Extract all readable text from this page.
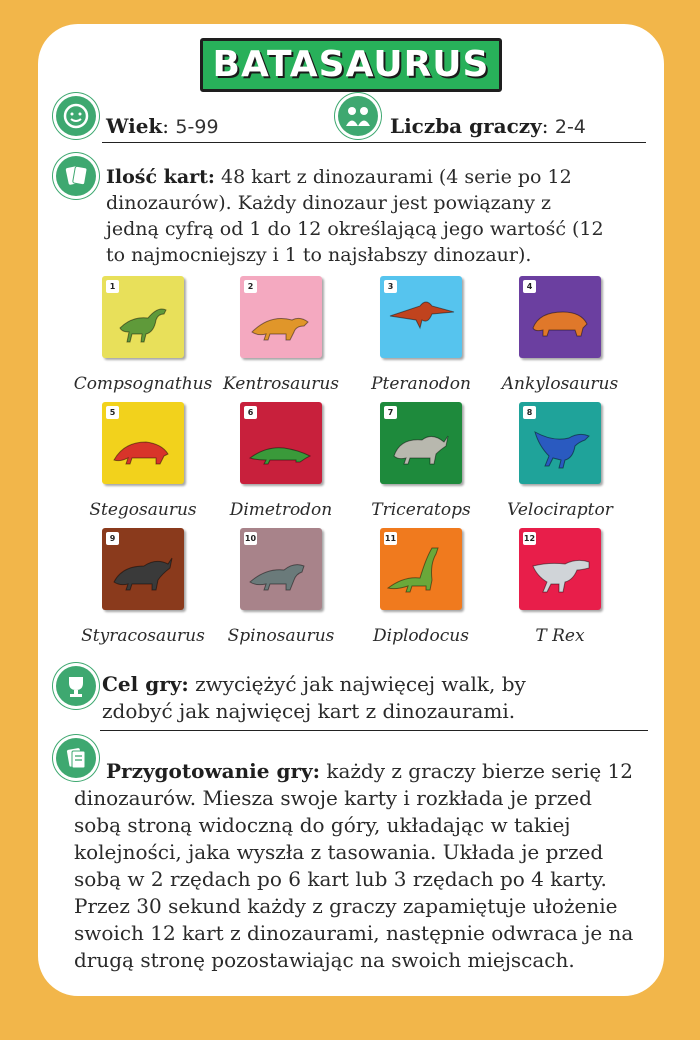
BATASAURUS
Wiek: 5-99	Liczba graczy: 2-4
Ilość kart: 48 kart z dinozaurami (4 serie po 12 dinozaurów). Każdy dinozaur jest powiązany z jedną cyfrą od 1 do 12 określającą jego wartość (12 to najmocniejszy i 1 to najsłabszy dinozaur).
1
Compsognathus
2
Kentrosaurus
3
Pteranodon
4
Ankylosaurus
5
Stegosaurus
6
Dimetrodon
7
Triceratops
8
Velociraptor
9
Styracosaurus
10
Spinosaurus
11
Diplodocus
12
T Rex
Cel gry: zwyciężyć jak najwięcej walk, by zdobyć jak najwięcej kart z dinozaurami.
Przygotowanie gry: każdy z graczy bierze serię 12 dinozaurów. Miesza swoje karty i rozkłada je przed sobą stroną widoczną do góry, układając w takiej kolejności, jaka wyszła z tasowania. Układa je przed sobą w 2 rzędach po 6 kart lub 3 rzędach po 4 karty. Przez 30 sekund każdy z graczy zapamiętuje ułożenie swoich 12 kart z dinozaurami, następnie odwraca je na drugą stronę pozostawiając na swoich miejscach.
